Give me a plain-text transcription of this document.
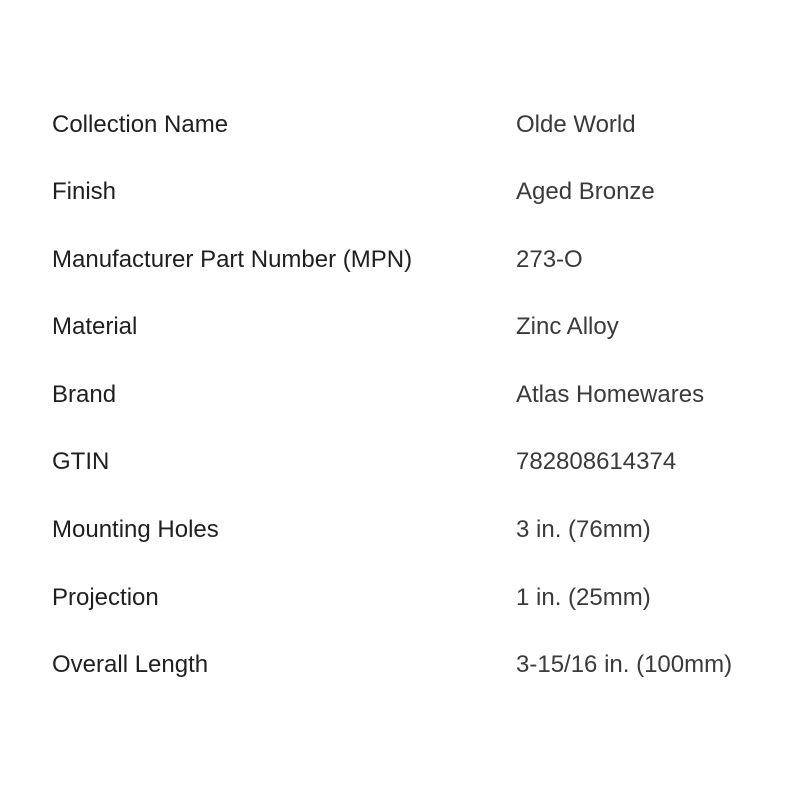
Collection Name	Olde World
Finish	Aged Bronze
Manufacturer Part Number (MPN)	273-O
Material	Zinc Alloy
Brand	Atlas Homewares
GTIN	782808614374
Mounting Holes	3 in. (76mm)
Projection	1 in. (25mm)
Overall Length	3-15/16 in. (100mm)
